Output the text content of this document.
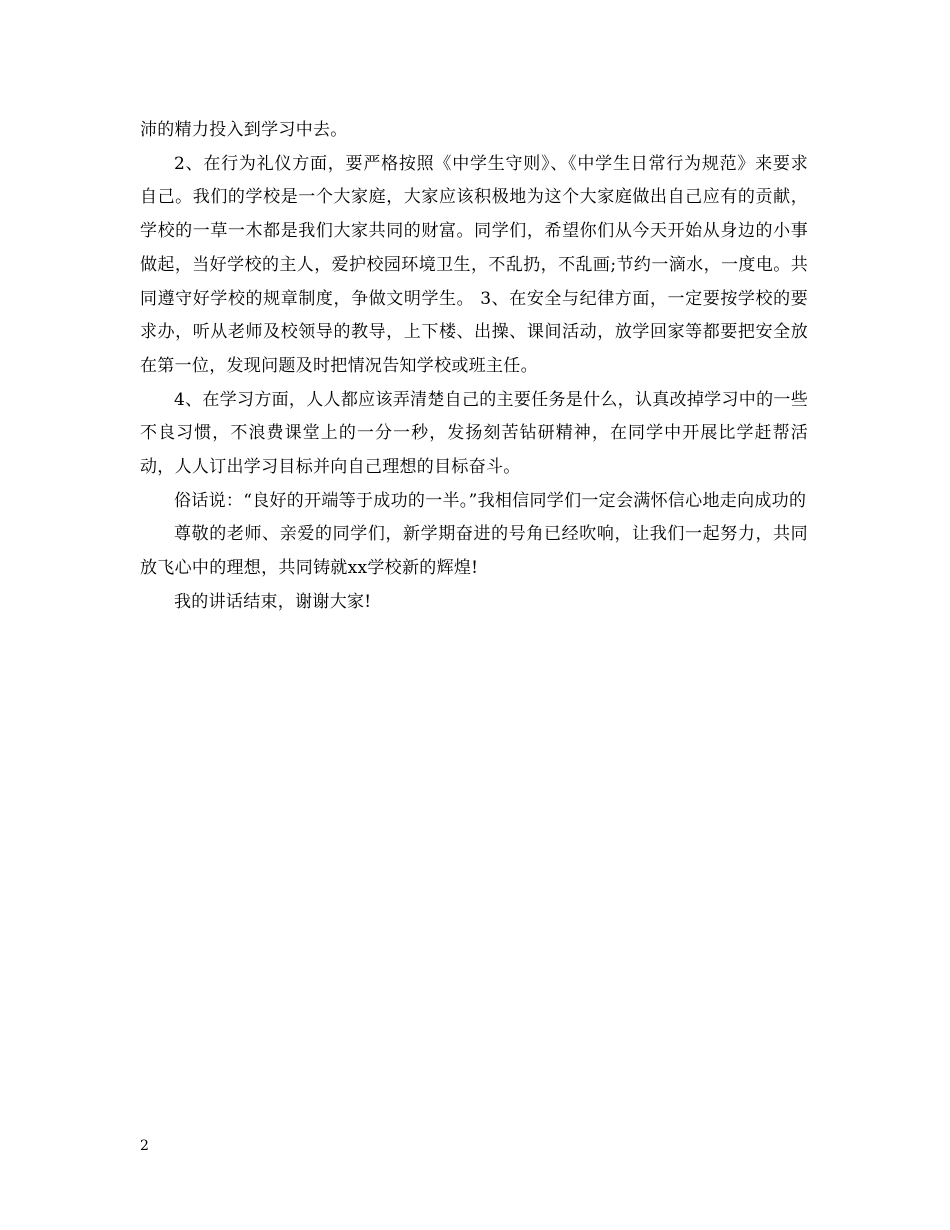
沛的精力投入到学习中去。

2、在行为礼仪方面，要严格按照《中学生守则》、《中学生日常行为规范》来要求自己。我们的学校是一个大家庭，大家应该积极地为这个大家庭做出自己应有的贡献，学校的一草一木都是我们大家共同的财富。同学们，希望你们从今天开始从身边的小事做起，当好学校的主人，爱护校园环境卫生，不乱扔，不乱画;节约一滴水，一度电。共同遵守好学校的规章制度，争做文明学生。 3、在安全与纪律方面，一定要按学校的要求办，听从老师及校领导的教导，上下楼、出操、课间活动，放学回家等都要把安全放在第一位，发现问题及时把情况告知学校或班主任。

4、在学习方面，人人都应该弄清楚自己的主要任务是什么，认真改掉学习中的一些不良习惯，不浪费课堂上的一分一秒，发扬刻苦钻研精神，在同学中开展比学赶帮活动，人人订出学习目标并向自己理想的目标奋斗。

俗话说：“良好的开端等于成功的一半。”我相信同学们一定会满怀信心地走向成功的

尊敬的老师、亲爱的同学们，新学期奋进的号角已经吹响，让我们一起努力，共同放飞心中的理想，共同铸就xx学校新的辉煌!

我的讲话结束，谢谢大家!

2
